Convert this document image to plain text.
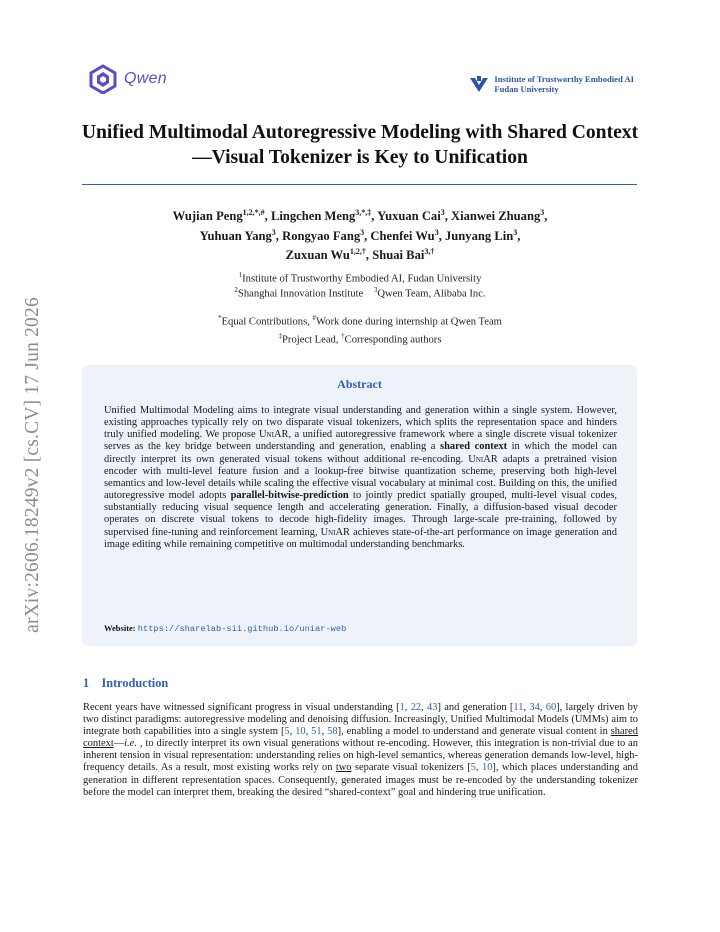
arXiv:2606.18249v2 [cs.CV] 17 Jun 2026
Qwen	Institute of Trustworthy Embodied AI
Fudan University
Unified Multimodal Autoregressive Modeling with Shared Context—Visual Tokenizer is Key to Unification
Wujian Peng$^{1,2,*,\#}$, Lingchen Meng$^{3,*,\ddagger}$, Yuxuan Cai$^3$, Xianwei Zhuang$^3$,
Yuhuan Yang$^3$, Rongyao Fang$^3$, Chenfei Wu$^3$, Junyang Lin$^3$,
Zuxuan $Wu^{1,2,\dagger}$, Shuai Bai$^{3,\dagger}$
$^1$Institute of Trustworthy Embodied AI, Fudan University
$^2$Shanghai Innovation Institute $^3$Qwen Team, Alibaba Inc.
*Equal Contributions, #Work done during internship at Qwen Team
‡Project Lead, †Corresponding authors
Abstract
Unified Multimodal Modeling aims to integrate visual understanding and generation within a single system. However, existing approaches typically rely on two disparate visual tokenizers, which splits the representation space and hinders truly unified modeling. We propose UniAR, a unified autoregressive framework where a single discrete visual tokenizer serves as the key bridge between understanding and generation, enabling a shared context in which the model can directly interpret its own generated visual tokens without additional re-encoding. UniAR adapts a pretrained vision encoder with multi-level feature fusion and a lookup-free bitwise quantization scheme, preserving both high-level semantics and low-level details while scaling the effective visual vocabulary at minimal cost. Building on this, the unified autoregressive model adopts parallel-bitwise-prediction to jointly predict spatially grouped, multi-level visual codes, substantially reducing visual sequence length and accelerating generation. Finally, a diffusion-based visual decoder operates on discrete visual tokens to decode high-fidelity images. Through large-scale pre-training, followed by supervised fine-tuning and reinforcement learning, UniAR achieves state-of-the-art performance on image generation and image editing while remaining competitive on multimodal understanding benchmarks.
Website: https://sharelab-sii.github.io/uniar-web
1 Introduction
Recent years have witnessed significant progress in visual understanding [1, 22, 43] and generation [11, 34, 60], largely driven by two distinct paradigms: autoregressive modeling and denoising diffusion. Increasingly, Unified Multimodal Models (UMMs) aim to integrate both capabilities into a single system [5, 10, 51, 58], enabling a model to understand and generate visual content in shared context—i.e. , to directly interpret its own visual generations without re-encoding. However, this integration is non-trivial due to an inherent tension in visual representation: understanding relies on high-level semantics, whereas generation demands low-level, high-frequency details. As a result, most existing works rely on two separate visual tokenizers [5, 10], which places understanding and generation in different representation spaces. Consequently, generated images must be re-encoded by the understanding tokenizer before the model can interpret them, breaking the desired “shared-context” goal and hindering true unification.
